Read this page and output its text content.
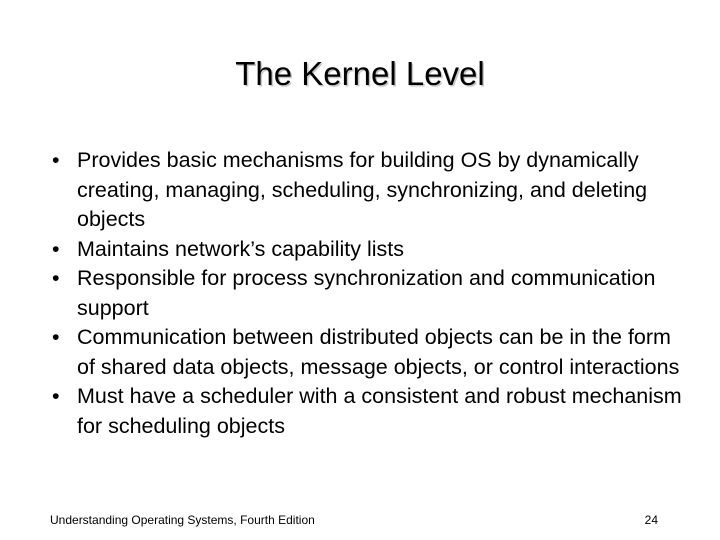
The Kernel Level
• Provides basic mechanisms for building OS by dynamically creating, managing, scheduling, synchronizing, and deleting objects
• Maintains network’s capability lists
• Responsible for process synchronization and communication support
• Communication between distributed objects can be in the form of shared data objects, message objects, or control interactions
• Must have a scheduler with a consistent and robust mechanism for scheduling objects
Understanding Operating Systems, Fourth Edition	24
